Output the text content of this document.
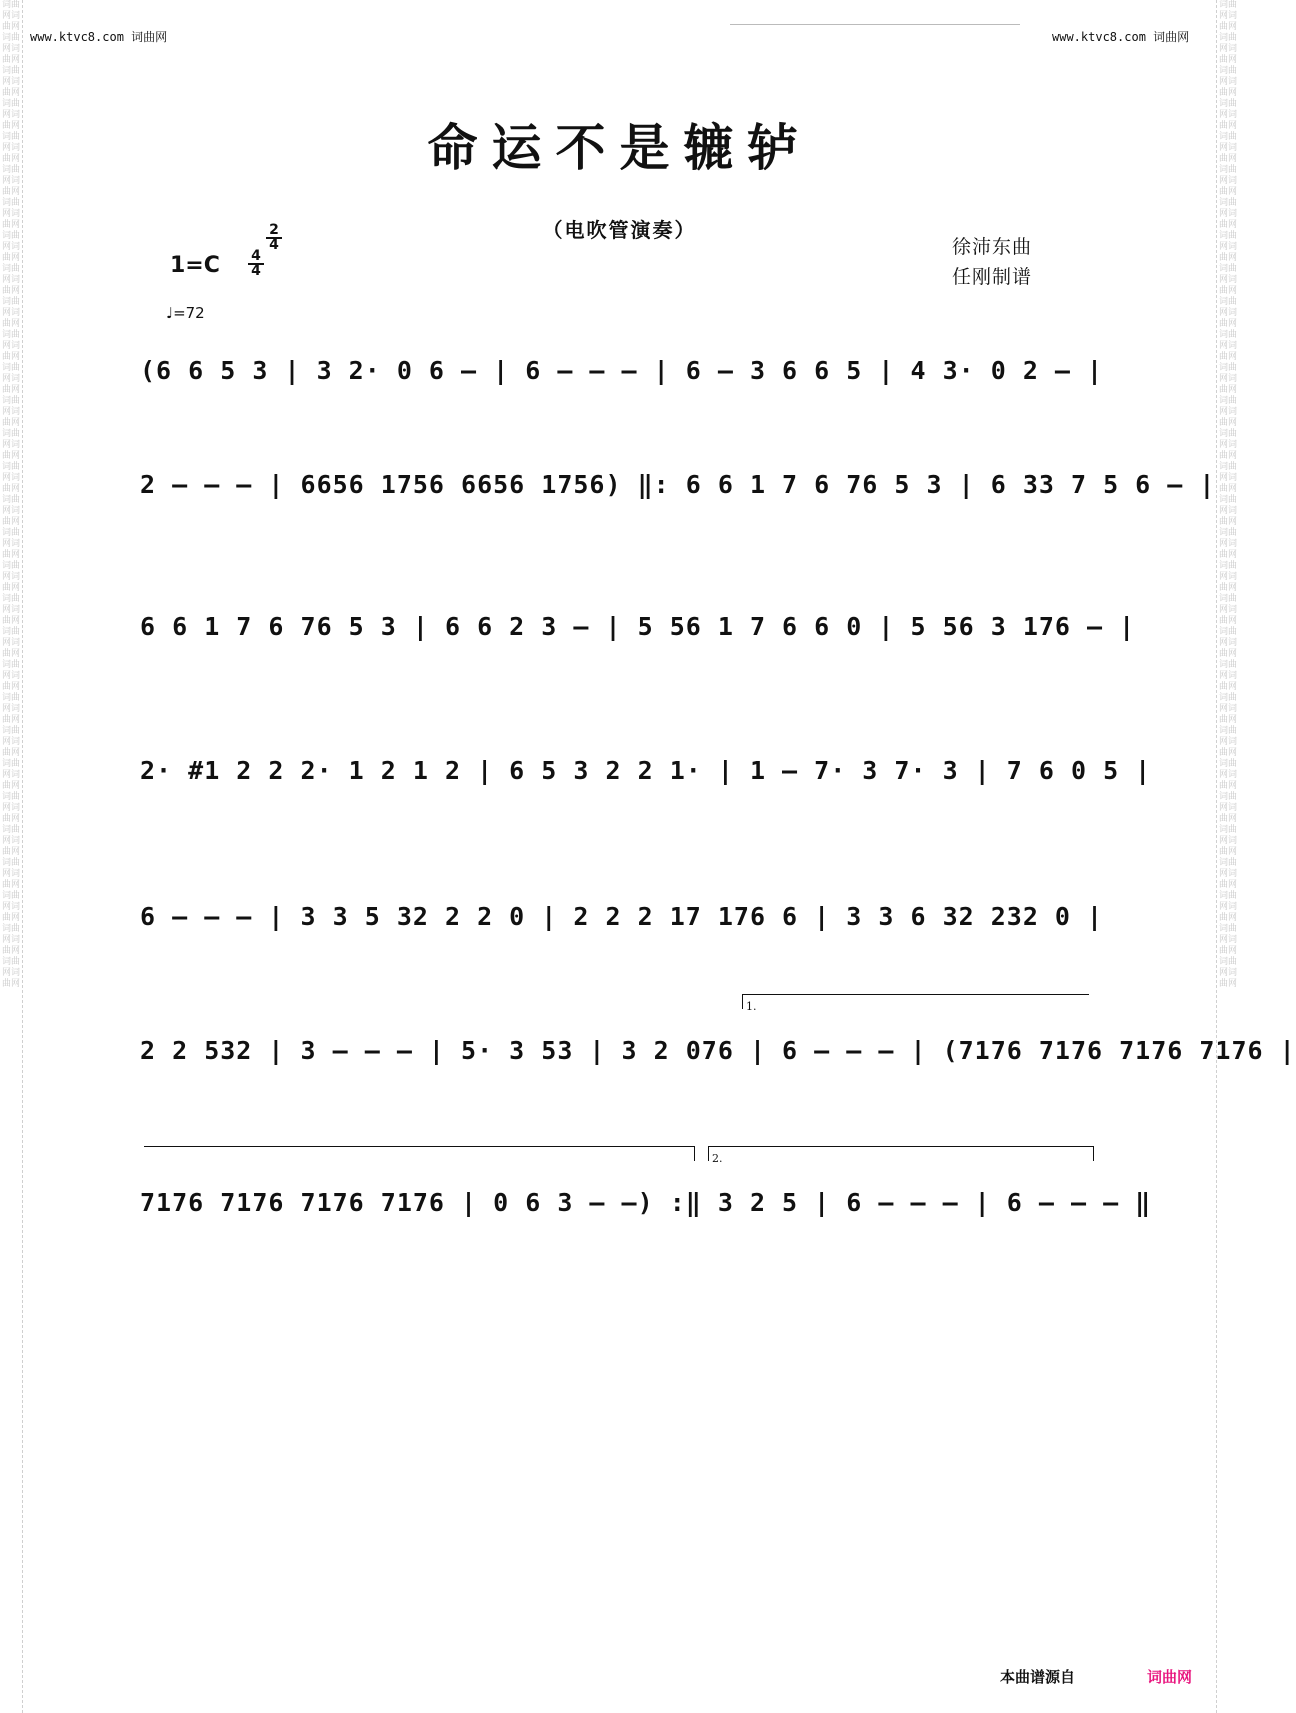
词曲网词曲网词曲网词曲网词曲网词曲网词曲网词曲网词曲网词曲网词曲网词曲网词曲网词曲网词曲网词曲网词曲网词曲网词曲网词曲网词曲网词曲网词曲网词曲网词曲网词曲网词曲网词曲网词曲网词曲网词曲网词曲网词曲网词曲网词曲网词曲网词曲网词曲网词曲网词曲网词曲网词曲网词曲网词曲网词曲网词曲网词曲网词曲网词曲网词曲网词曲网词曲网词曲网词曲网词曲网词曲网词曲网词曲网词曲网词曲网
词曲网词曲网词曲网词曲网词曲网词曲网词曲网词曲网词曲网词曲网词曲网词曲网词曲网词曲网词曲网词曲网词曲网词曲网词曲网词曲网词曲网词曲网词曲网词曲网词曲网词曲网词曲网词曲网词曲网词曲网词曲网词曲网词曲网词曲网词曲网词曲网词曲网词曲网词曲网词曲网词曲网词曲网词曲网词曲网词曲网词曲网词曲网词曲网词曲网词曲网词曲网词曲网词曲网词曲网词曲网词曲网词曲网词曲网词曲网词曲网
www.ktvc8.com 词曲网	www.ktvc8.com 词曲网
命运不是辘轳
（电吹管演奏）
徐沛东曲
任刚制谱
$1=C \frac{4}{4}$
$\frac{2}{4}$
♩=72
(6 6 5 3 | 3 2· 0 6 – | 6 – – – | 6 – 3 6 6 5 | 4 3· 0 2 – |
2 – – – | 6656 1756 6656 1756) ‖: 6 6 1 7 6 76 5 3 | 6 33 7 5 6 – |
6 6 1 7 6 76 5 3 | 6 6 2 3 – | 5 56 1 7 6 6 0 | 5 56 3 176 – |
2· #1 2 2 2· 1 2 1 2 | 6 5 3 2 2 1· | 1 – 7· 3 7· 3 | 7 6 0 5 |
6 – – – | 3 3 5 32 2 2 0 | 2 2 2 17 176 6 | 3 3 6 32 232 0 |
1.
2 2 532 | 3 – – – | 5· 3 53 | 3 2 076 | 6 – – – | (7176 7176 7176 7176 |
2.
7176 7176 7176 7176 | 0 6 3 – –) :‖ 3 2 5 | 6 – – – | 6 – – – ‖
本曲谱源自	词曲网
